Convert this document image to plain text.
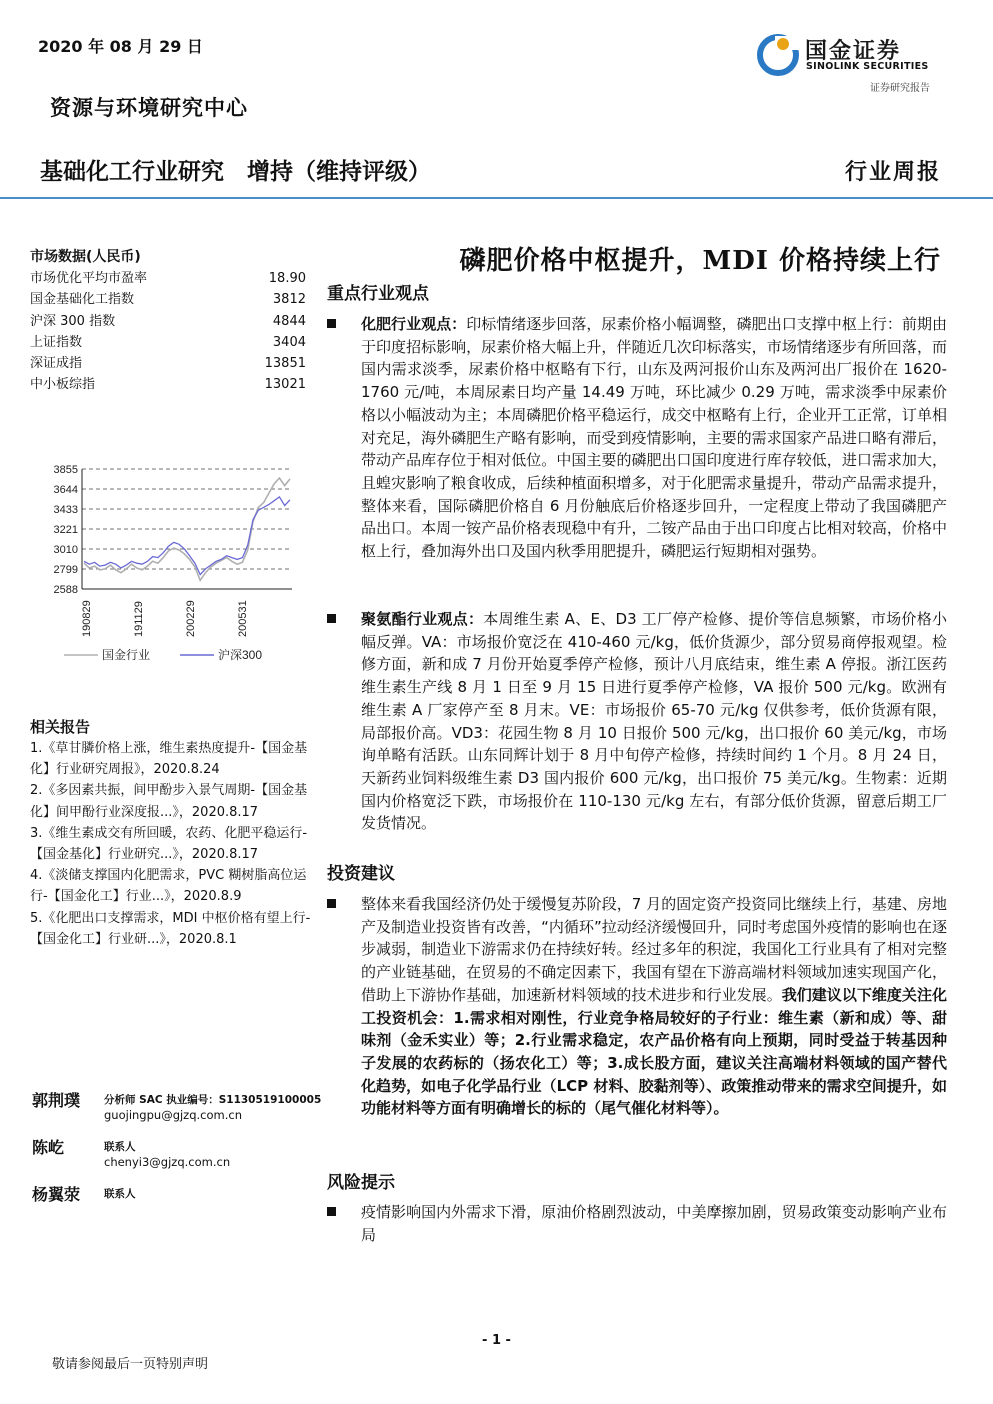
2020 年 08 月 29 日
资源与环境研究中心
国金证券
SINOLINK SECURITIES
证券研究报告
基础化工行业研究　增持（维持评级）	行业周报
市场数据(人民币)
市场优化平均市盈率	18.90
国金基础化工指数	3812
沪深 300 指数	4844
上证指数	3404
深证成指	13851
中小板综指	13021
3855
3644
3433
3221
3010
2799
2588
190829	191129	200229	200531
国金行业	沪深300
相关报告
1.《草甘膦价格上涨，维生素热度提升-【国金基化】行业研究周报》，2020.8.24
2.《多因素共振，间甲酚步入景气周期-【国金基化】间甲酚行业深度报...》，2020.8.17
3.《维生素成交有所回暖，农药、化肥平稳运行-【国金基化】行业研究...》，2020.8.17
4.《淡储支撑国内化肥需求，PVC 糊树脂高位运行-【国金化工】行业...》，2020.8.9
5.《化肥出口支撑需求，MDI 中枢价格有望上行-【国金化工】行业研...》，2020.8.1
郭荆璞 分析师 SAC 执业编号：S1130519100005
guojingpu@gjzq.com.cn
陈屹	联系人
chenyi3@gjzq.com.cn
杨翼荥 联系人
磷肥价格中枢提升，MDI 价格持续上行
重点行业观点
化肥行业观点：印标情绪逐步回落，尿素价格小幅调整，磷肥出口支撑中枢上行：前期由于印度招标影响，尿素价格大幅上升，伴随近几次印标落实，市场情绪逐步有所回落，而国内需求淡季，尿素价格中枢略有下行，山东及两河报价山东及两河出厂报价在 1620-1760 元/吨，本周尿素日均产量 14.49 万吨，环比减少 0.29 万吨，需求淡季中尿素价格以小幅波动为主；本周磷肥价格平稳运行，成交中枢略有上行，企业开工正常，订单相对充足，海外磷肥生产略有影响，而受到疫情影响，主要的需求国家产品进口略有滞后，带动产品库存位于相对低位。中国主要的磷肥出口国印度进行库存较低，进口需求加大，且蝗灾影响了粮食收成，后续种植面积增多，对于化肥需求量提升，带动产品需求提升，整体来看，国际磷肥价格自 6 月份触底后价格逐步回升，一定程度上带动了我国磷肥产品出口。本周一铵产品价格表现稳中有升，二铵产品由于出口印度占比相对较高，价格中枢上行，叠加海外出口及国内秋季用肥提升，磷肥运行短期相对强势。
聚氨酯行业观点：本周维生素 A、E、D3 工厂停产检修、提价等信息频繁，市场价格小幅反弹。VA：市场报价宽泛在 410-460 元/kg，低价货源少，部分贸易商停报观望。检修方面，新和成 7 月份开始夏季停产检修，预计八月底结束，维生素 A 停报。浙江医药维生素生产线 8 月 1 日至 9 月 15 日进行夏季停产检修，VA 报价 500 元/kg。欧洲有维生素 A 厂家停产至 8 月末。VE：市场报价 65-70 元/kg 仅供参考，低价货源有限，局部报价高。VD3：花园生物 8 月 10 日报价 500 元/kg，出口报价 60 美元/kg，市场询单略有活跃。山东同辉计划于 8 月中旬停产检修，持续时间约 1 个月。8 月 24 日，天新药业饲料级维生素 D3 国内报价 600 元/kg，出口报价 75 美元/kg。生物素：近期国内价格宽泛下跌，市场报价在 110-130 元/kg 左右，有部分低价货源，留意后期工厂发货情况。
投资建议
整体来看我国经济仍处于缓慢复苏阶段，7 月的固定资产投资同比继续上行，基建、房地产及制造业投资皆有改善，“内循环”拉动经济缓慢回升，同时考虑国外疫情的影响也在逐步减弱，制造业下游需求仍在持续好转。经过多年的积淀，我国化工行业具有了相对完整的产业链基础，在贸易的不确定因素下，我国有望在下游高端材料领域加速实现国产化，借助上下游协作基础，加速新材料领域的技术进步和行业发展。我们建议以下维度关注化工投资机会：1.需求相对刚性，行业竞争格局较好的子行业：维生素（新和成）等、甜味剂（金禾实业）等；2.行业需求稳定，农产品价格有向上预期，同时受益于转基因种子发展的农药标的（扬农化工）等；3.成长股方面，建议关注高端材料领域的国产替代化趋势，如电子化学品行业（LCP 材料、胶黏剂等）、政策推动带来的需求空间提升，如功能材料等方面有明确增长的标的（尾气催化材料等）。
风险提示
疫情影响国内外需求下滑，原油价格剧烈波动，中美摩擦加剧，贸易政策变动影响产业布局
- 1 -
敬请参阅最后一页特别声明
